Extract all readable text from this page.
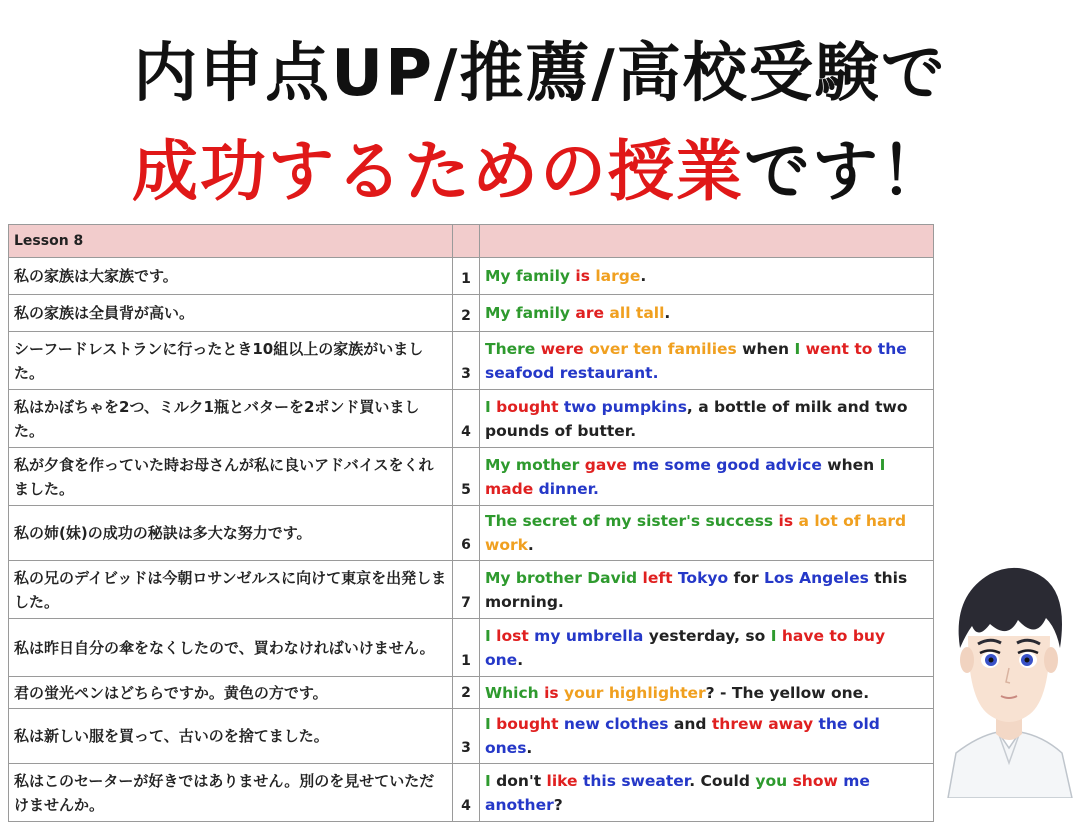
内申点UP/推薦/高校受験で
成功するための授業です！
Lesson 8		
私の家族は大家族です。	1	My family is large.
私の家族は全員背が高い。	2	My family are all tall.
シーフードレストランに行ったとき10組以上の家族がいました。	3	There were over ten families when I went to the seafood restaurant.
私はかぼちゃを2つ、ミルク1瓶とバターを2ポンド買いました。	4	I bought two pumpkins, a bottle of milk and two pounds of butter.
私が夕食を作っていた時お母さんが私に良いアドバイスをくれました。	5	My mother gave me some good advice when I made dinner.
私の姉(妹)の成功の秘訣は多大な努力です。	6	The secret of my sister's success is a lot of hard work.
私の兄のデイビッドは今朝ロサンゼルスに向けて東京を出発しました。	7	My brother David left Tokyo for Los Angeles this morning.
私は昨日自分の傘をなくしたので、買わなければいけません。	1	I lost my umbrella yesterday, so I have to buy one.
君の蛍光ペンはどちらですか。黄色の方です。	2	Which is your highlighter? - The yellow one.
私は新しい服を買って、古いのを捨てました。	3	I bought new clothes and threw away the old ones.
私はこのセーターが好きではありません。別のを見せていただけませんか。	4	I don't like this sweater. Could you show me another?
